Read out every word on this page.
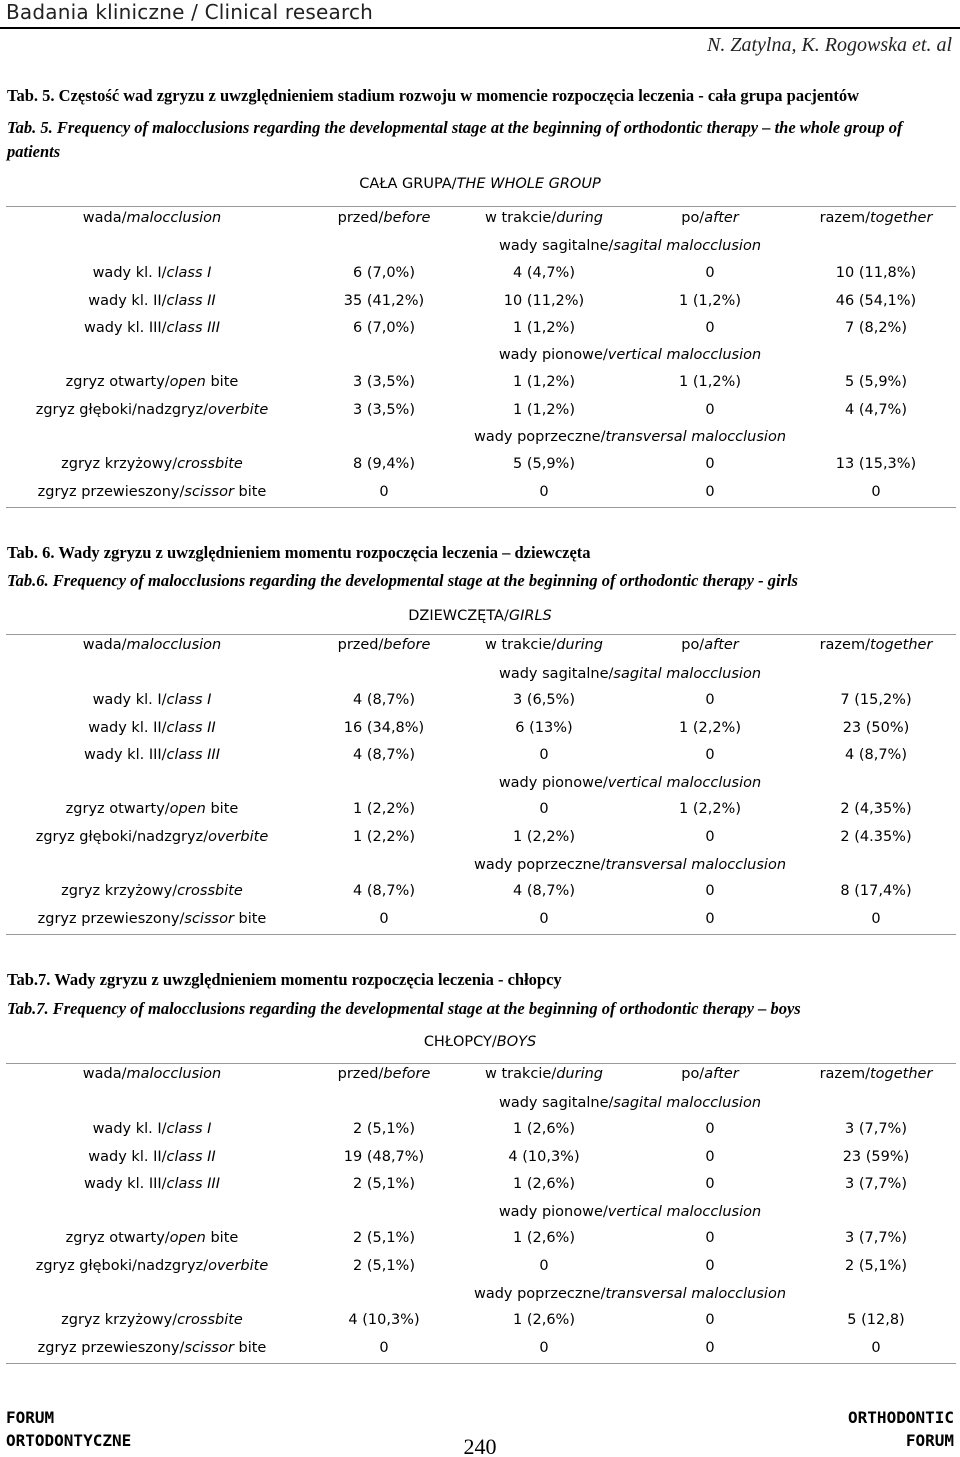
Badania kliniczne / Clinical research
N. Zatylna, K. Rogowska et. al
Tab. 5. Częstość wad zgryzu z uwzględnieniem stadium rozwoju w momencie rozpoczęcia leczenia - cała grupa pacjentów
Tab. 5. Frequency of malocclusions regarding the developmental stage at the beginning of orthodontic therapy – the whole group of patients
CAŁA GRUPA/THE WHOLE GROUP
wada/malocclusion	przed/before	w trakcie/during	po/after	razem/together
wady sagitalne/sagital malocclusion
wady kl. I/class I	6 (7,0%)	4 (4,7%)	0	10 (11,8%)
wady kl. II/class II	35 (41,2%)	10 (11,2%)	1 (1,2%)	46 (54,1%)
wady kl. III/class III	6 (7,0%)	1 (1,2%)	0	7 (8,2%)
wady pionowe/vertical malocclusion
zgryz otwarty/open bite	3 (3,5%)	1 (1,2%)	1 (1,2%)	5 (5,9%)
zgryz głęboki/nadzgryz/overbite	3 (3,5%)	1 (1,2%)	0	4 (4,7%)
wady poprzeczne/transversal malocclusion
zgryz krzyżowy/crossbite	8 (9,4%)	5 (5,9%)	0	13 (15,3%)
zgryz przewieszony/scissor bite	0	0	0	0
Tab. 6. Wady zgryzu z uwzględnieniem momentu rozpoczęcia leczenia – dziewczęta
Tab.6. Frequency of malocclusions regarding the developmental stage at the beginning of orthodontic therapy - girls
DZIEWCZĘTA/GIRLS
wada/malocclusion	przed/before	w trakcie/during	po/after	razem/together
wady sagitalne/sagital malocclusion
wady kl. I/class I	4 (8,7%)	3 (6,5%)	0	7 (15,2%)
wady kl. II/class II	16 (34,8%)	6 (13%)	1 (2,2%)	23 (50%)
wady kl. III/class III	4 (8,7%)	0	0	4 (8,7%)
wady pionowe/vertical malocclusion
zgryz otwarty/open bite	1 (2,2%)	0	1 (2,2%)	2 (4,35%)
zgryz głęboki/nadzgryz/overbite	1 (2,2%)	1 (2,2%)	0	2 (4.35%)
wady poprzeczne/transversal malocclusion
zgryz krzyżowy/crossbite	4 (8,7%)	4 (8,7%)	0	8 (17,4%)
zgryz przewieszony/scissor bite	0	0	0	0
Tab.7. Wady zgryzu z uwzględnieniem momentu rozpoczęcia leczenia - chłopcy
Tab.7. Frequency of malocclusions regarding the developmental stage at the beginning of orthodontic therapy – boys
CHŁOPCY/BOYS
wada/malocclusion	przed/before	w trakcie/during	po/after	razem/together
wady sagitalne/sagital malocclusion
wady kl. I/class I	2 (5,1%)	1 (2,6%)	0	3 (7,7%)
wady kl. II/class II	19 (48,7%)	4 (10,3%)	0	23 (59%)
wady kl. III/class III	2 (5,1%)	1 (2,6%)	0	3 (7,7%)
wady pionowe/vertical malocclusion
zgryz otwarty/open bite	2 (5,1%)	1 (2,6%)	0	3 (7,7%)
zgryz głęboki/nadzgryz/overbite	2 (5,1%)	0	0	2 (5,1%)
wady poprzeczne/transversal malocclusion
zgryz krzyżowy/crossbite	4 (10,3%)	1 (2,6%)	0	5 (12,8)
zgryz przewieszony/scissor bite	0	0	0	0
FORUM
ORTODONTYCZNE	240
ORTHODONTIC
FORUM
